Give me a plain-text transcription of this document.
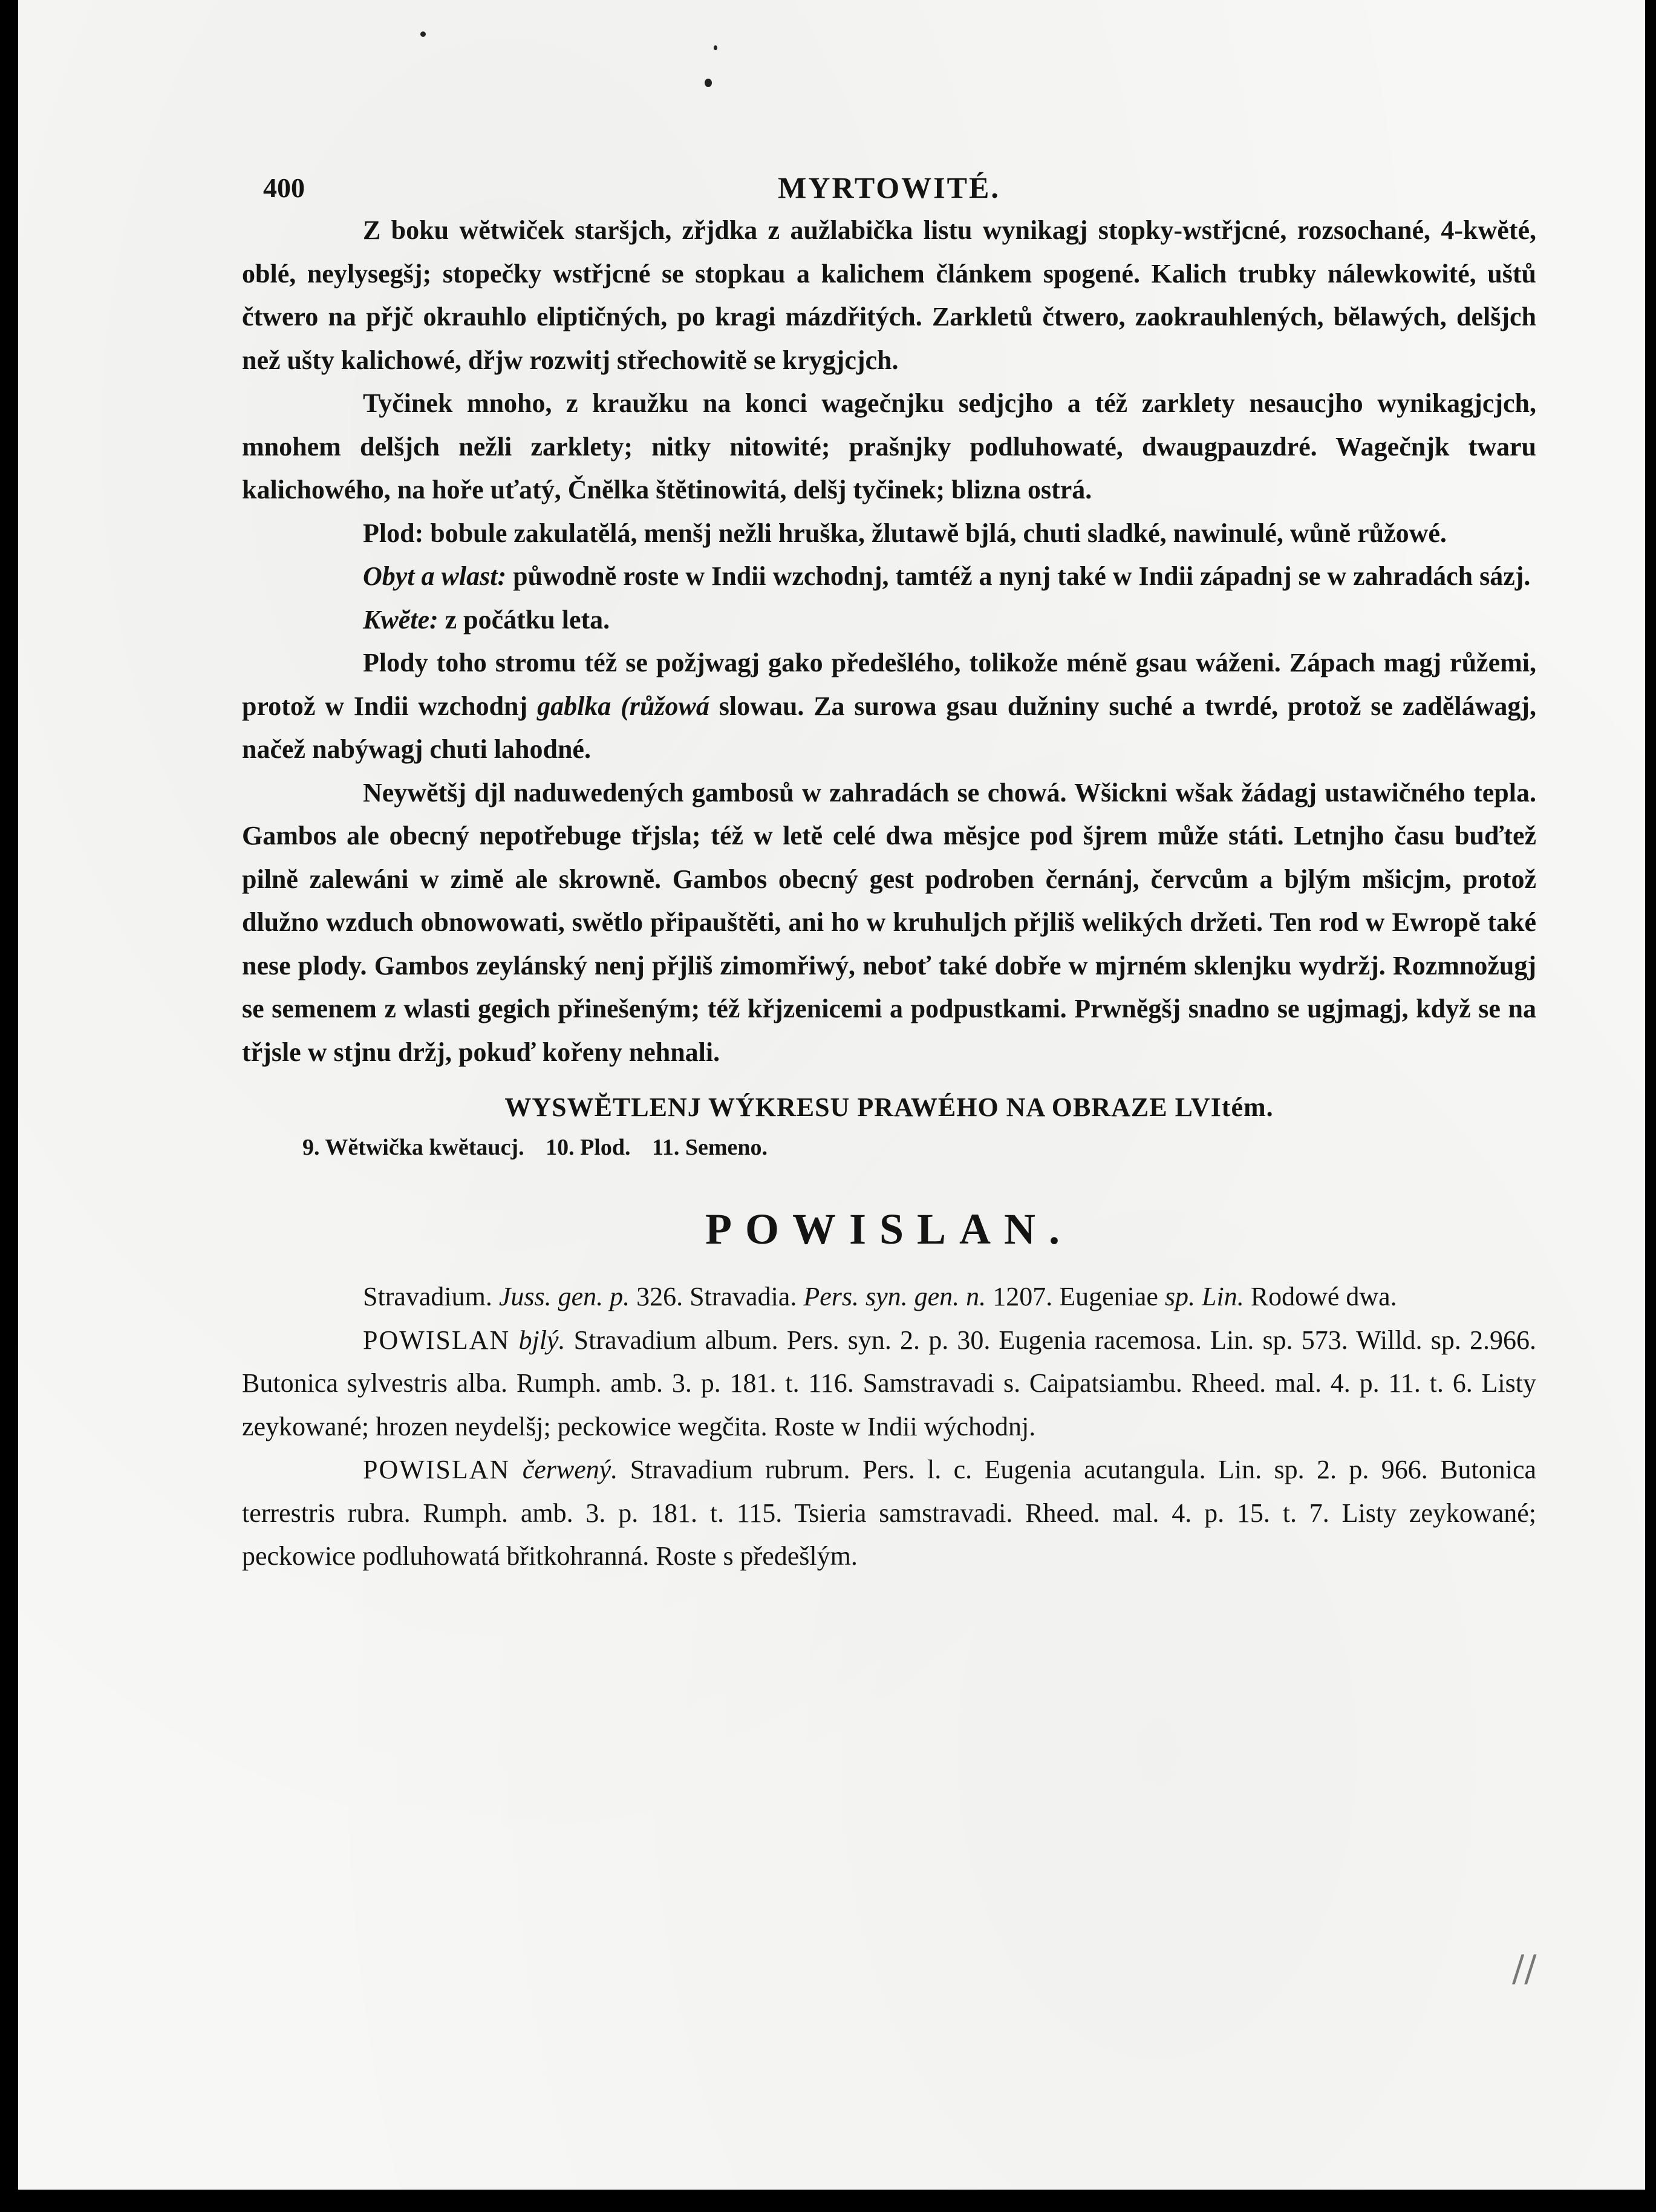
//
400	MYRTOWITÉ.

Z boku wĕtwiček staršjch, zřjdka z aužlabička listu wynikagj stopky-wstřjcné, rozsochané, 4-kwĕté, oblé, neylysegšj; stopečky wstřjcné se stopkau a kalichem článkem spogené. Kalich trubky nálewkowité, uštů čtwero na přjč okrauhlo eliptičných, po kragi mázdřitých. Zarkletů čtwero, zaokrauhlených, bĕlawých, delšjch než ušty kalichowé, dřjw rozwitj střechowitĕ se krygjcjch.

Tyčinek mnoho, z kraužku na konci wagečnjku sedjcjho a též zarklety nesaucjho wynikagjcjch, mnohem delšjch nežli zarklety; nitky nitowité; prašnjky podluhowaté, dwaugpauzdré. Wagečnjk twaru kalichowého, na hoře uťatý, Čnĕlka štĕtinowitá, delšj tyčinek; blizna ostrá.

Plod: bobule zakulatĕlá, menšj nežli hruška, žlutawĕ bjlá, chuti sladké, nawinulé, wůnĕ růžowé.

Obyt a wlast: půwodnĕ roste w Indii wzchodnj, tamtéž a nynj také w Indii západnj se w zahradách sázj.

Kwĕte: z počátku leta.

Plody toho stromu též se požjwagj gako předešlého, tolikože ménĕ gsau wáženi. Zápach magj růžemi, protož w Indii wzchodnj gablka (růžowá slowau. Za surowa gsau dužniny suché a twrdé, protož se zadĕláwagj, načež nabýwagj chuti lahodné.

Neywĕtšj djl naduwedených gambosů w zahradách se chowá. Wšickni wšak žádagj ustawičného tepla. Gambos ale obecný nepotřebuge třjsla; též w letĕ celé dwa mĕsjce pod šjrem může státi. Letnjho času buďtež pilnĕ zalewáni w zimĕ ale skrownĕ. Gambos obecný gest podroben černánj, červcům a bjlým mšicjm, protož dlužno wzduch obnowowati, swĕtlo připauštĕti, ani ho w kruhuljch přjliš welikých držeti. Ten rod w Ewropĕ také nese plody. Gambos zeylánský nenj přjliš zimomřiwý, neboť také dobře w mjrném sklenjku wydržj. Rozmnožugj se semenem z wlasti gegich přinešeným; též křjzenicemi a podpustkami. Prwnĕgšj snadno se ugjmagj, když se na třjsle w stjnu držj, pokuď kořeny nehnali.

WYSWĔTLENJ WÝKRESU PRAWÉHO NA OBRAZE LVItém.
9. Wĕtwička kwĕtaucj. 10. Plod. 11. Semeno.
POWISLAN.

Stravadium. Juss. gen. p. 326. Stravadia. Pers. syn. gen. n. 1207. Eugeniae sp. Lin. Rodowé dwa.

POWISLAN bjlý. Stravadium album. Pers. syn. 2. p. 30. Eugenia racemosa. Lin. sp. 573. Willd. sp. 2.966. Butonica sylvestris alba. Rumph. amb. 3. p. 181. t. 116. Samstravadi s. Caipatsiambu. Rheed. mal. 4. p. 11. t. 6. Listy zeykowané; hrozen neydelšj; peckowice wegčita. Roste w Indii wýchodnj.

POWISLAN čerwený. Stravadium rubrum. Pers. l. c. Eugenia acutangula. Lin. sp. 2. p. 966. Butonica terrestris rubra. Rumph. amb. 3. p. 181. t. 115. Tsieria samstravadi. Rheed. mal. 4. p. 15. t. 7. Listy zeykowané; peckowice podluhowatá břitkohranná. Roste s předešlým.
